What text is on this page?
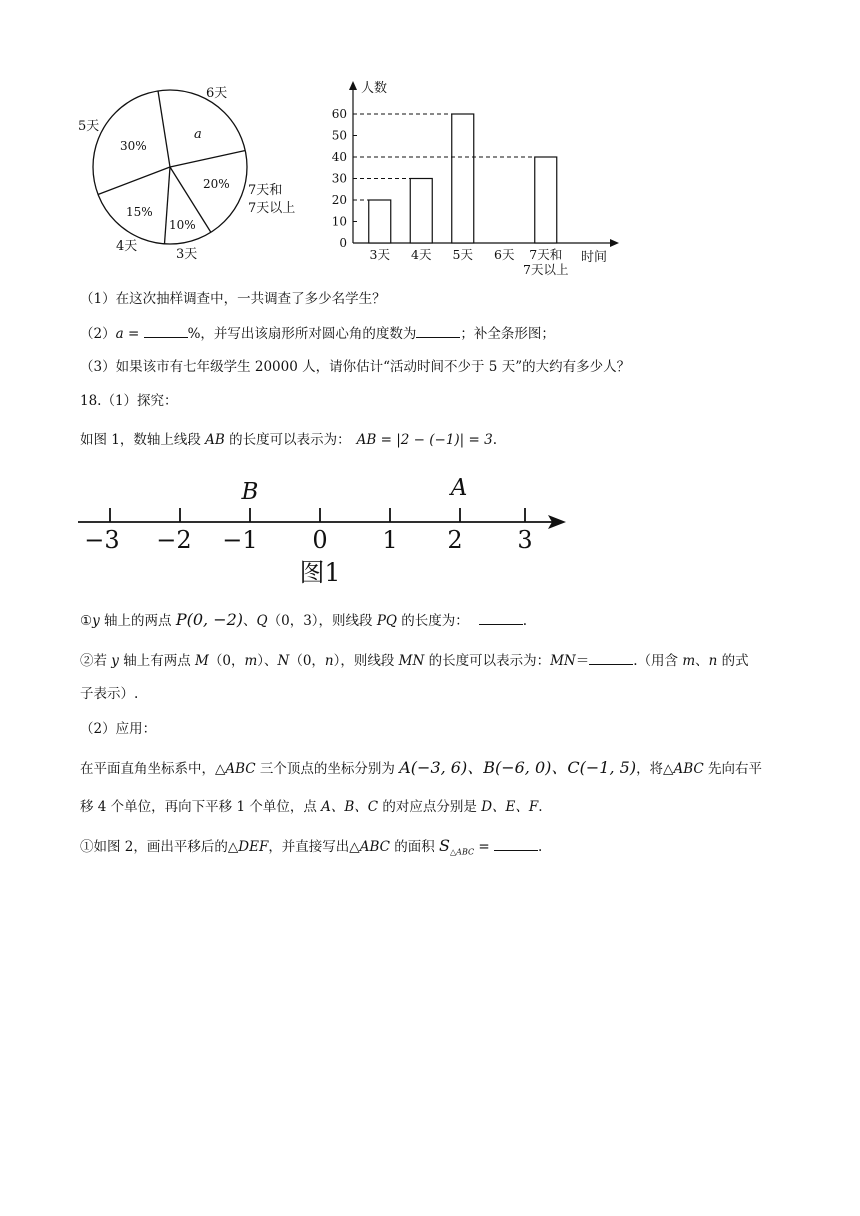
6天
5天
7天和
7天以上
4天
3天
30%
a
20%
15%
10%
0
10
20
30
40
50
60
人数
时间
3天 4天 5天 6天 7天和
7天以上
（1）在这次抽样调查中，一共调查了多少名学生？
（2）a =	%，并写出该扇形所对圆心角的度数为	；补全条形图；
（3）如果该市有七年级学生 20000 人，请你估计“活动时间不少于 5 天”的大约有多少人？
18.（1）探究：
如图 1，数轴上线段 AB 的长度可以表示为： AB = |2 − (−1)| = 3.
−3 −2 −1 0 1 2 3
B	A
图1
①y 轴上的两点 P(0, −2)、Q（0，3），则线段 PQ 的长度为：	.
②若 y 轴上有两点 M（0，m）、N（0，n），则线段 MN 的长度可以表示为：MN＝	.（用含 m、n 的式
子表示）.
（2）应用：
在平面直角坐标系中，△ABC 三个顶点的坐标分别为 A(−3, 6)、B(−6, 0)、C(−1, 5)，将△ABC 先向右平
移 4 个单位，再向下平移 1 个单位，点 A、B、C 的对应点分别是 D、E、F.
①如图 2，画出平移后的△DEF，并直接写出△ABC 的面积 $S_{\triangle ABC}$ =	.
